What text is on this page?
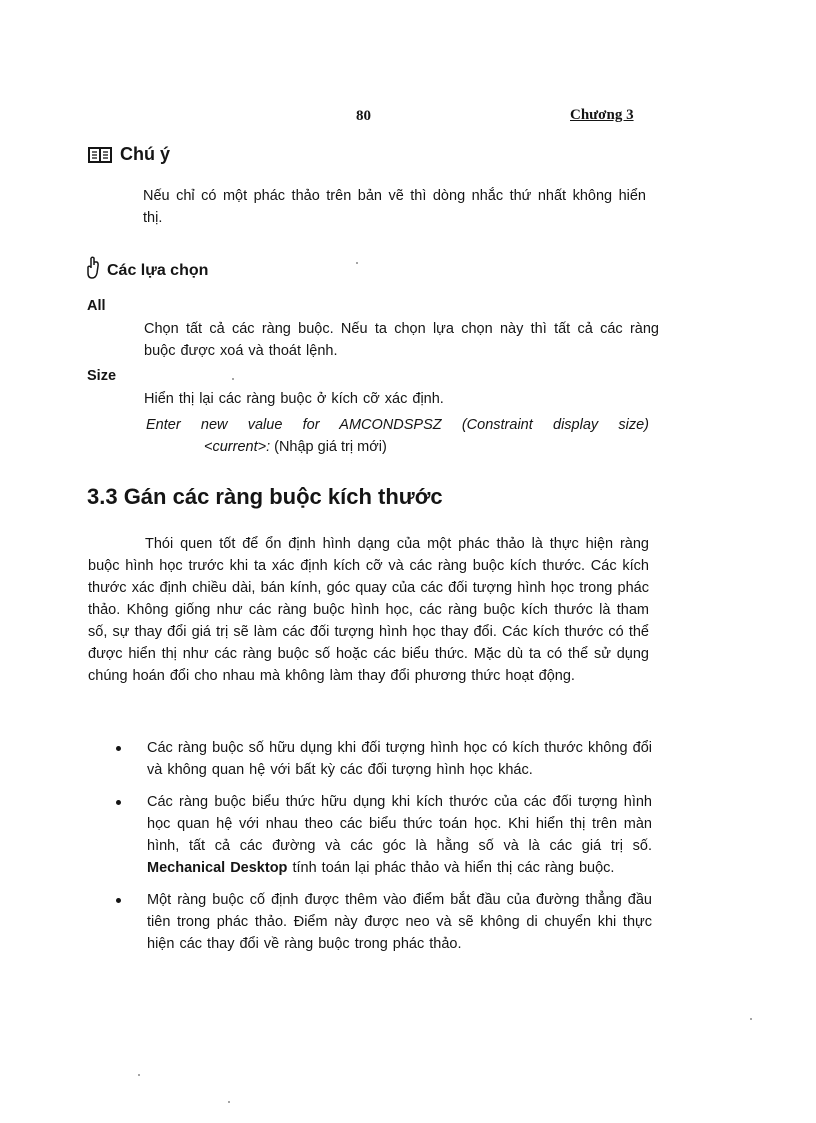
80	Chương 3
Chú ý
Nếu chỉ có một phác thảo trên bản vẽ thì dòng nhắc thứ nhất không hiển thị.
Các lựa chọn
All
Chọn tất cả các ràng buộc. Nếu ta chọn lựa chọn này thì tất cả các ràng buộc được xoá và thoát lệnh.
Size
Hiển thị lại các ràng buộc ở kích cỡ xác định.
Enter new value for AMCONDSPSZ (Constraint display size)
<current>: (Nhập giá trị mới)
3.3 Gán các ràng buộc kích thước
Thói quen tốt để ổn định hình dạng của một phác thảo là thực hiện ràng buộc hình học trước khi ta xác định kích cỡ và các ràng buộc kích thước. Các kích thước xác định chiều dài, bán kính, góc quay của các đối tượng hình học trong phác thảo. Không giống như các ràng buộc hình học, các ràng buộc kích thước là tham số, sự thay đổi giá trị sẽ làm các đối tượng hình học thay đổi. Các kích thước có thể được hiển thị như các ràng buộc số hoặc các biểu thức. Mặc dù ta có thể sử dụng chúng hoán đổi cho nhau mà không làm thay đổi phương thức hoạt động.
Các ràng buộc số hữu dụng khi đối tượng hình học có kích thước không đổi và không quan hệ với bất kỳ các đối tượng hình học khác.
Các ràng buộc biểu thức hữu dụng khi kích thước của các đối tượng hình học quan hệ với nhau theo các biểu thức toán học. Khi hiển thị trên màn hình, tất cả các đường và các góc là hằng số và là các giá trị số. Mechanical Desktop tính toán lại phác thảo và hiển thị các ràng buộc.
Một ràng buộc cố định được thêm vào điểm bắt đầu của đường thẳng đầu tiên trong phác thảo. Điểm này được neo và sẽ không di chuyển khi thực hiện các thay đổi về ràng buộc trong phác thảo.
